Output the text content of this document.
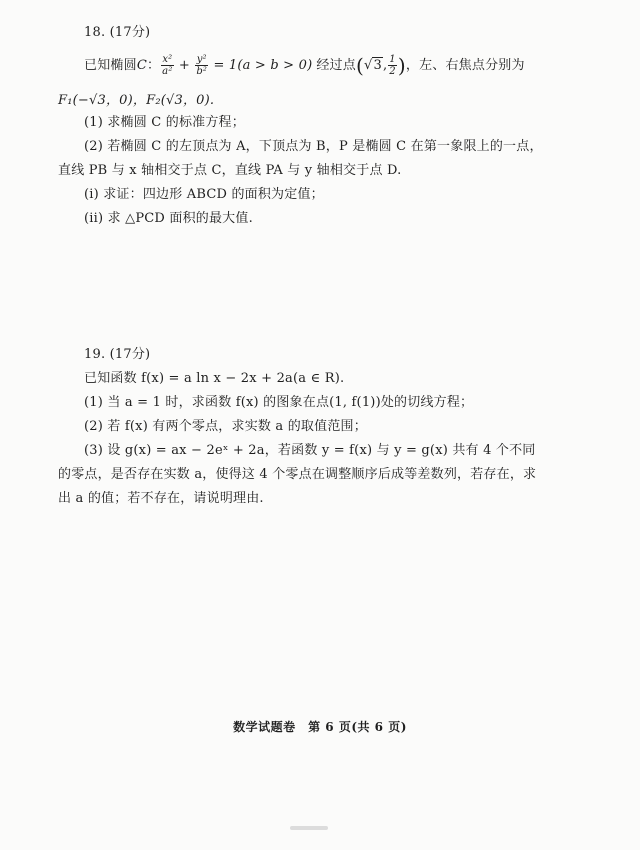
18. (17分)
已知椭圆C： $\frac{\text{x²}}{\text{a²}} + \frac{\text{y²}}{\text{b²}} = 1(a > b > 0)$ 经过点(√3, $\frac{1}{2}$ )，左、右焦点分别为
F₁(−√3，0)，F₂(√3，0).
(1) 求椭圆 C 的标准方程；
(2) 若椭圆 C 的左顶点为 A，下顶点为 B，P 是椭圆 C 在第一象限上的一点，
直线 PB 与 x 轴相交于点 C，直线 PA 与 y 轴相交于点 D.
(i) 求证：四边形 ABCD 的面积为定值；
(ii) 求 △PCD 面积的最大值.
19. (17分)
已知函数 f(x) = a ln x − 2x + 2a(a ∈ R).
(1) 当 a = 1 时，求函数 f(x) 的图象在点(1, f(1))处的切线方程；
(2) 若 f(x) 有两个零点，求实数 a 的取值范围；
(3) 设 g(x) = ax − 2eˣ + 2a，若函数 y = f(x) 与 y = g(x) 共有 4 个不同
的零点，是否存在实数 a，使得这 4 个零点在调整顺序后成等差数列，若存在，求
出 a 的值；若不存在，请说明理由.
数学试题卷　第 6 页(共 6 页)
